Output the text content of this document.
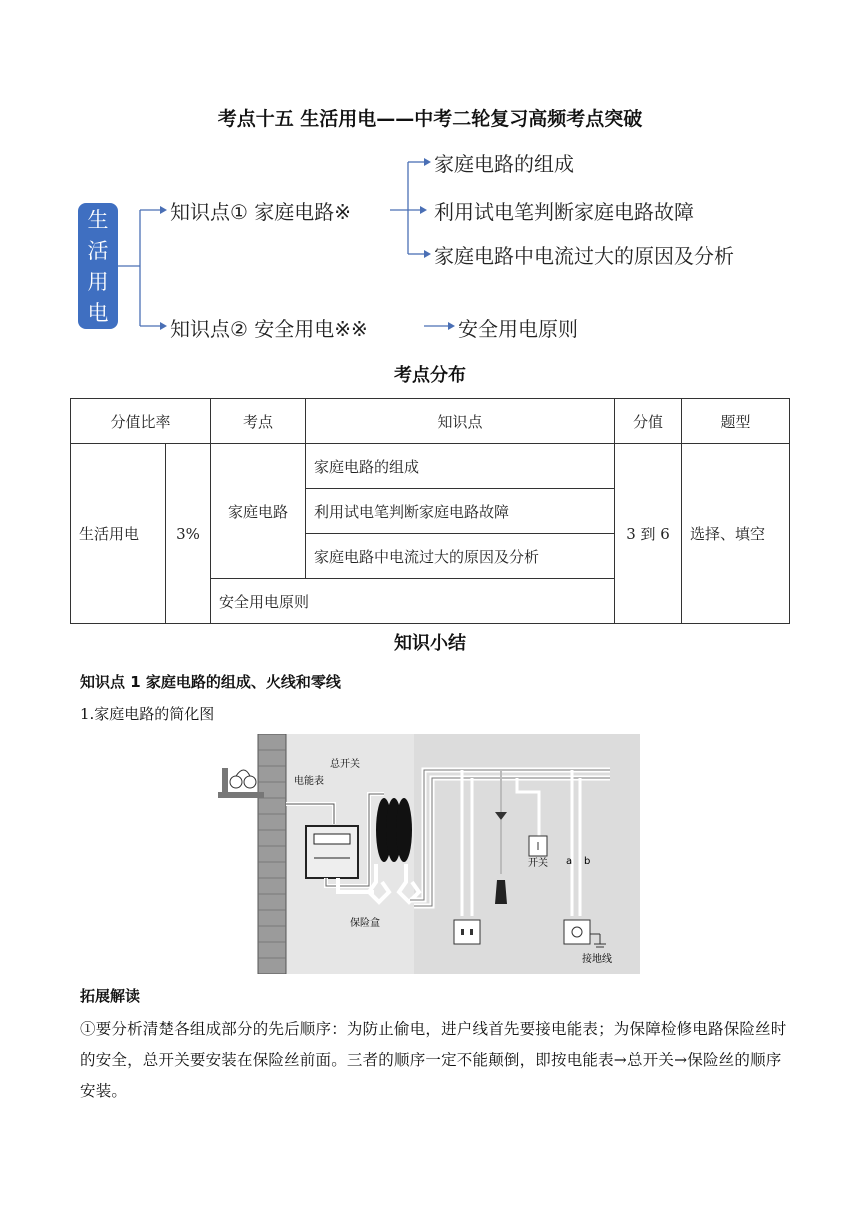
考点十五 生活用电——中考二轮复习高频考点突破
生
活
用
电
知识点① 家庭电路※
家庭电路的组成
利用试电笔判断家庭电路故障
家庭电路中电流过大的原因及分析
知识点② 安全用电※※	安全用电原则
考点分布
分值比率		考点	知识点	分值	题型
生活用电	3%	家庭电路	家庭电路的组成	3 到 6	选择、填空
			利用试电笔判断家庭电路故障		
			家庭电路中电流过大的原因及分析		
		安全用电原则			
知识小结
知识点 1 家庭电路的组成、火线和零线
1.家庭电路的简化图
总开关
电能表
开关
保险盒
接地线
a b
拓展解读
①要分析清楚各组成部分的先后顺序：为防止偷电，进户线首先要接电能表；为保障检修电路保险丝时的安全，总开关要安装在保险丝前面。三者的顺序一定不能颠倒，即按电能表→总开关→保险丝的顺序安装。
